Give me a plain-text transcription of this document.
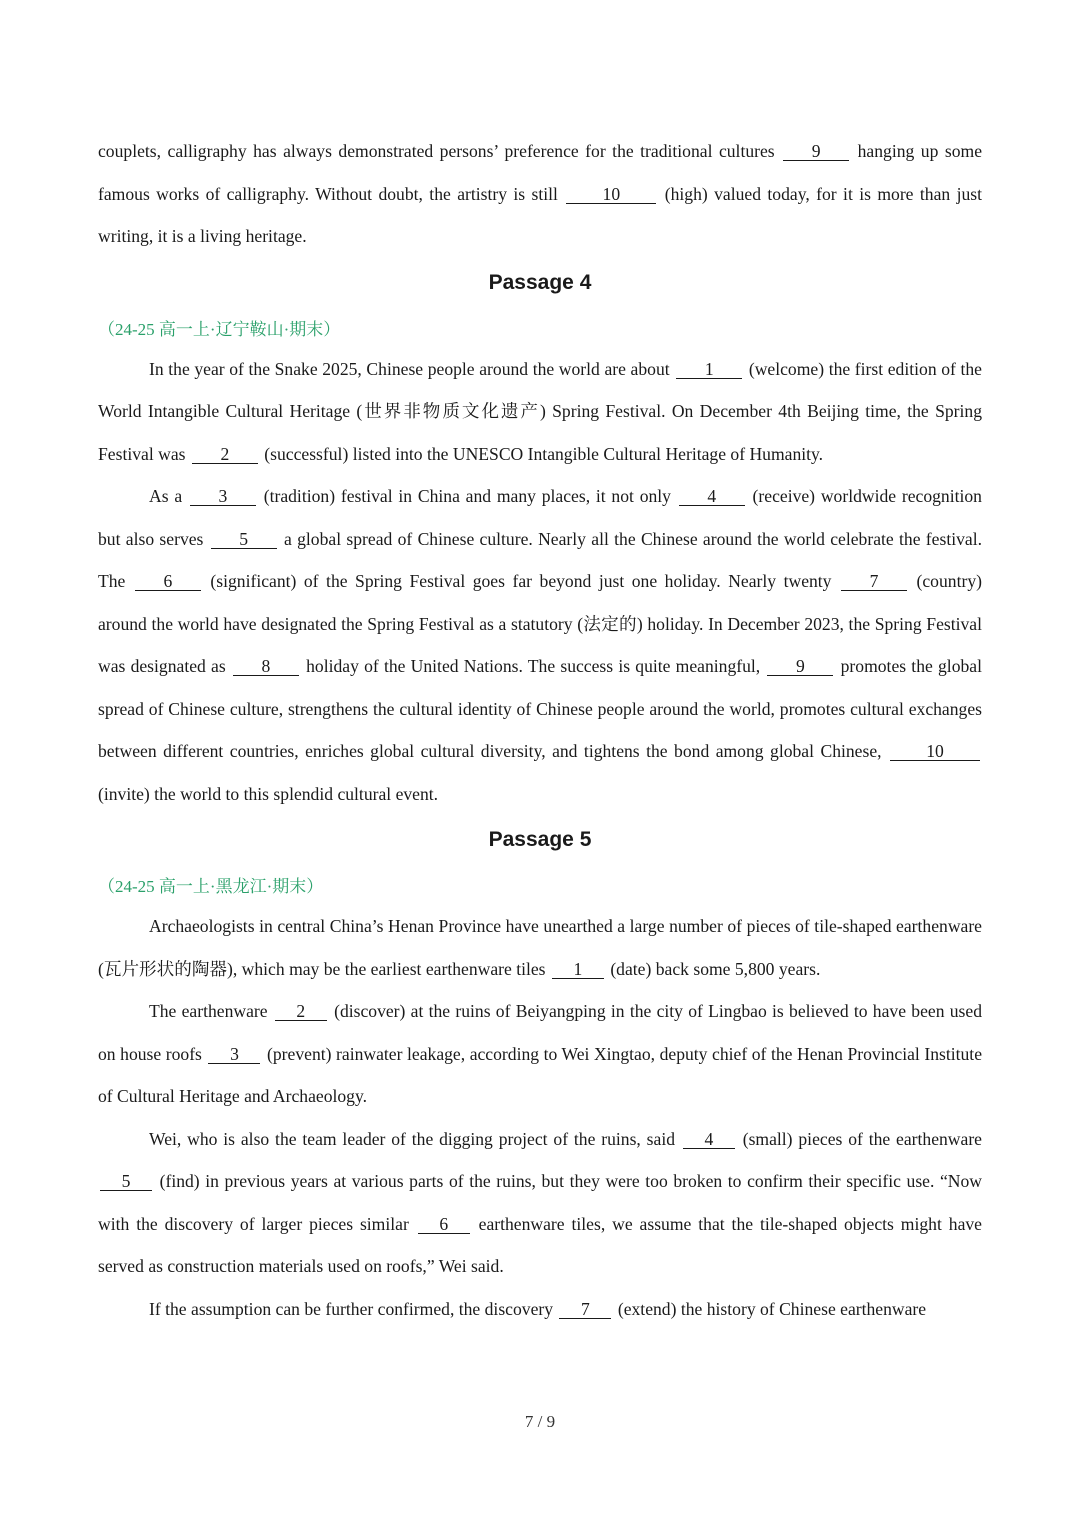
couplets, calligraphy has always demonstrated persons’ preference for the traditional cultures 9 hanging up some famous works of calligraphy. Without doubt, the artistry is still 10 (high) valued today, for it is more than just writing, it is a living heritage.

Passage 4

（24-25 高一上·辽宁鞍山·期末）

In the year of the Snake 2025, Chinese people around the world are about 1 (welcome) the first edition of the World Intangible Cultural Heritage (世界非物质文化遗产) Spring Festival. On December 4th Beijing time, the Spring Festival was 2 (successful) listed into the UNESCO Intangible Cultural Heritage of Humanity.

As a 3 (tradition) festival in China and many places, it not only 4 (receive) worldwide recognition but also serves 5 a global spread of Chinese culture. Nearly all the Chinese around the world celebrate the festival. The 6 (significant) of the Spring Festival goes far beyond just one holiday. Nearly twenty 7 (country) around the world have designated the Spring Festival as a statutory (法定的) holiday. In December 2023, the Spring Festival was designated as 8 holiday of the United Nations. The success is quite meaningful, 9 promotes the global spread of Chinese culture, strengthens the cultural identity of Chinese people around the world, promotes cultural exchanges between different countries, enriches global cultural diversity, and tightens the bond among global Chinese, 10 (invite) the world to this splendid cultural event.

Passage 5

（24-25 高一上·黑龙江·期末）

Archaeologists in central China’s Henan Province have unearthed a large number of pieces of tile-shaped earthenware (瓦片形状的陶器), which may be the earliest earthenware tiles 1 (date) back some 5,800 years.

The earthenware 2 (discover) at the ruins of Beiyangping in the city of Lingbao is believed to have been used on house roofs 3 (prevent) rainwater leakage, according to Wei Xingtao, deputy chief of the Henan Provincial Institute of Cultural Heritage and Archaeology.

Wei, who is also the team leader of the digging project of the ruins, said 4 (small) pieces of the earthenware 5 (find) in previous years at various parts of the ruins, but they were too broken to confirm their specific use. “Now with the discovery of larger pieces similar 6 earthenware tiles, we assume that the tile-shaped objects might have served as construction materials used on roofs,” Wei said.

If the assumption can be further confirmed, the discovery 7 (extend) the history of Chinese earthenware

7 / 9
